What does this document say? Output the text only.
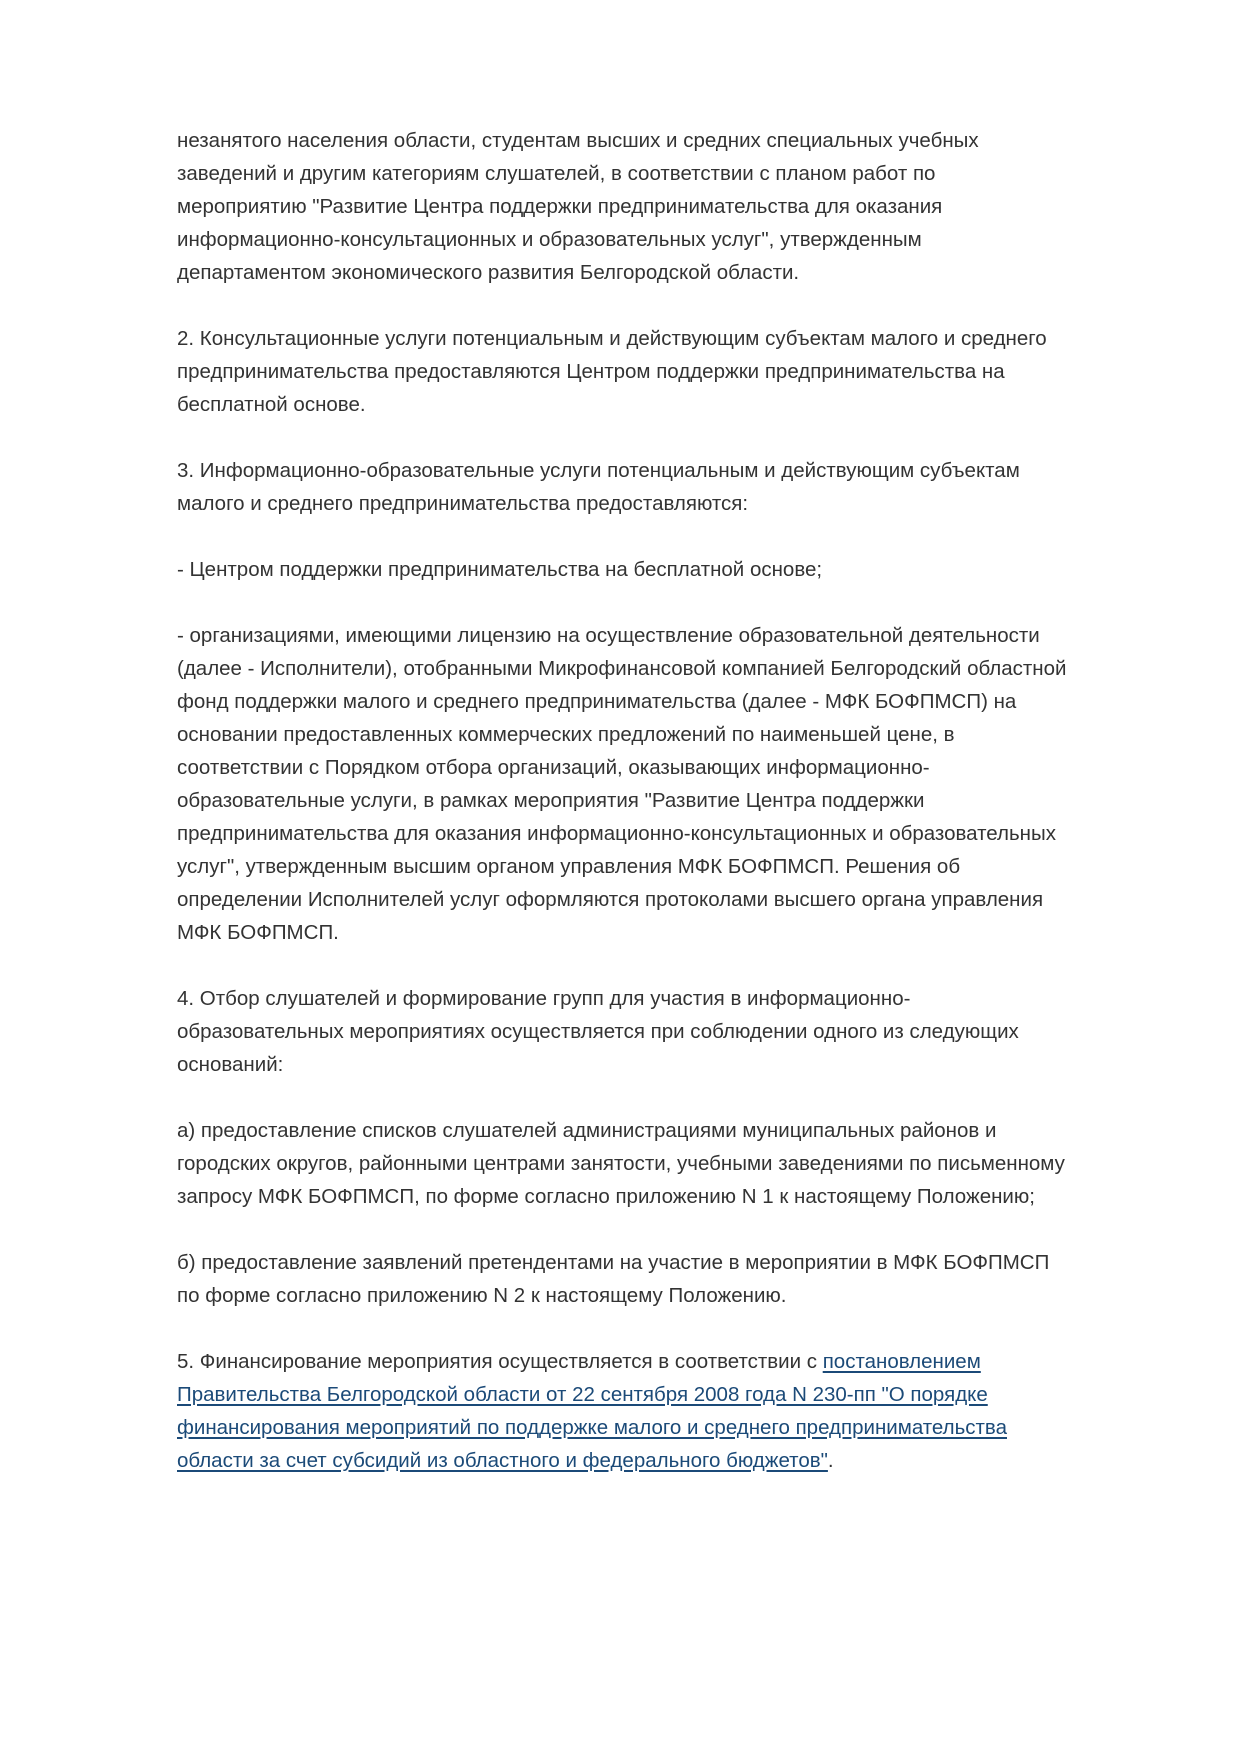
незанятого населения области, студентам высших и средних специальных учебных
заведений и другим категориям слушателей, в соответствии с планом работ по
мероприятию "Развитие Центра поддержки предпринимательства для оказания
информационно-консультационных и образовательных услуг", утвержденным
департаментом экономического развития Белгородской области.
2. Консультационные услуги потенциальным и действующим субъектам малого и среднего
предпринимательства предоставляются Центром поддержки предпринимательства на
бесплатной основе.
3. Информационно-образовательные услуги потенциальным и действующим субъектам
малого и среднего предпринимательства предоставляются:
- Центром поддержки предпринимательства на бесплатной основе;
- организациями, имеющими лицензию на осуществление образовательной деятельности
(далее - Исполнители), отобранными Микрофинансовой компанией Белгородский областной
фонд поддержки малого и среднего предпринимательства (далее - МФК БОФПМСП) на
основании предоставленных коммерческих предложений по наименьшей цене, в
соответствии с Порядком отбора организаций, оказывающих информационно-
образовательные услуги, в рамках мероприятия "Развитие Центра поддержки
предпринимательства для оказания информационно-консультационных и образовательных
услуг", утвержденным высшим органом управления МФК БОФПМСП. Решения об
определении Исполнителей услуг оформляются протоколами высшего органа управления
МФК БОФПМСП.
4. Отбор слушателей и формирование групп для участия в информационно-
образовательных мероприятиях осуществляется при соблюдении одного из следующих
оснований:
а) предоставление списков слушателей администрациями муниципальных районов и
городских округов, районными центрами занятости, учебными заведениями по письменному
запросу МФК БОФПМСП, по форме согласно приложению N 1 к настоящему Положению;
б) предоставление заявлений претендентами на участие в мероприятии в МФК БОФПМСП
по форме согласно приложению N 2 к настоящему Положению.
5. Финансирование мероприятия осуществляется в соответствии с постановлением
Правительства Белгородской области от 22 сентября 2008 года N 230-пп "О порядке
финансирования мероприятий по поддержке малого и среднего предпринимательства
области за счет субсидий из областного и федерального бюджетов".
